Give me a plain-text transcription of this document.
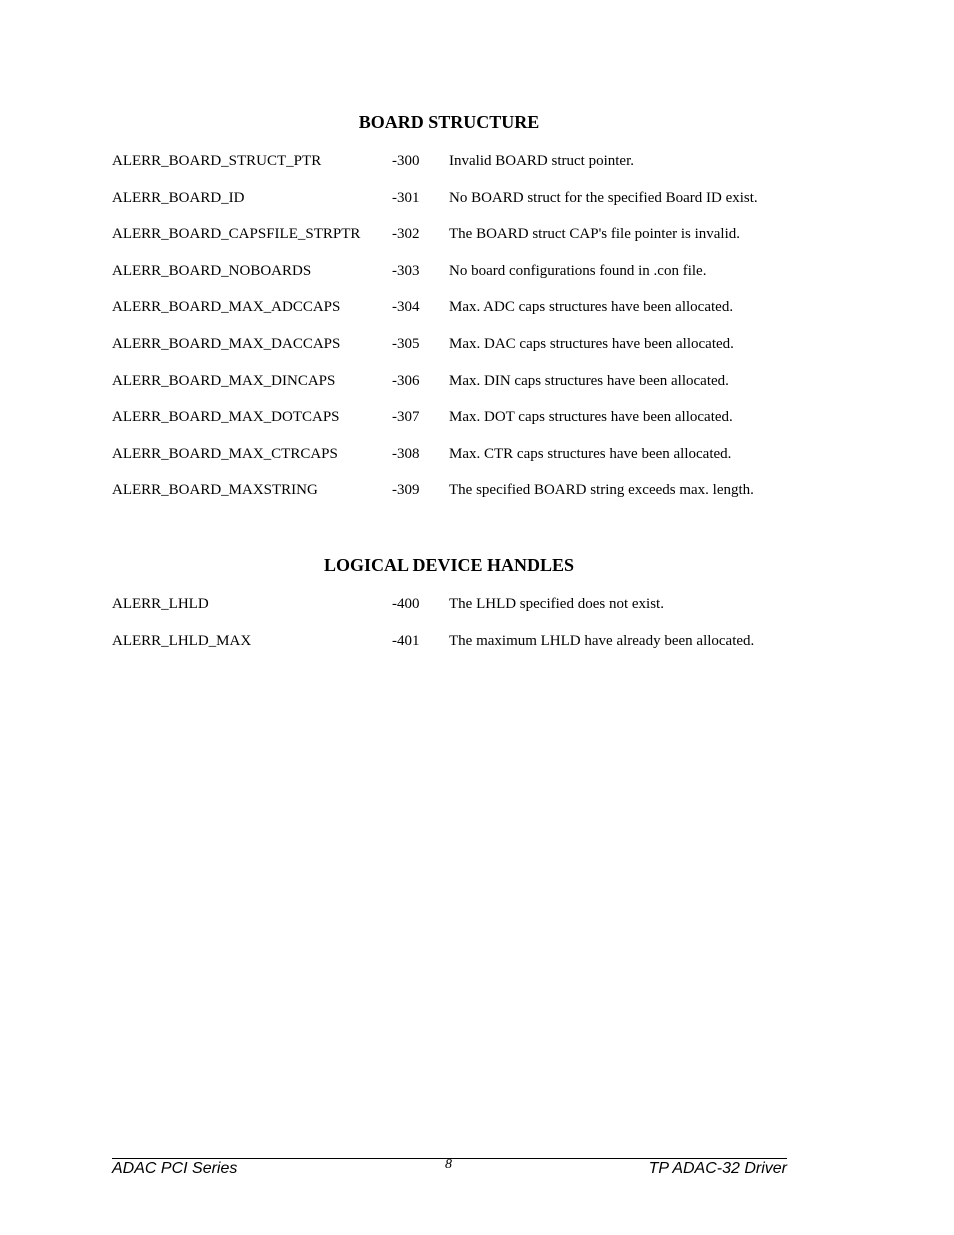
BOARD STRUCTURE
ALERR_BOARD_STRUCT_PTR	-300 Invalid BOARD struct pointer.
ALERR_BOARD_ID	-301 No BOARD struct for the specified Board ID exist.
ALERR_BOARD_CAPSFILE_STRPTR -302 The BOARD struct CAP's file pointer is invalid.
ALERR_BOARD_NOBOARDS	-303 No board configurations found in .con file.
ALERR_BOARD_MAX_ADCCAPS	-304 Max. ADC caps structures have been allocated.
ALERR_BOARD_MAX_DACCAPS	-305 Max. DAC caps structures have been allocated.
ALERR_BOARD_MAX_DINCAPS	-306 Max. DIN caps structures have been allocated.
ALERR_BOARD_MAX_DOTCAPS	-307 Max. DOT caps structures have been allocated.
ALERR_BOARD_MAX_CTRCAPS	-308 Max. CTR caps structures have been allocated.
ALERR_BOARD_MAXSTRING	-309 The specified BOARD string exceeds max. length.
LOGICAL DEVICE HANDLES
ALERR_LHLD	-400 The LHLD specified does not exist.
ALERR_LHLD_MAX	-401 The maximum LHLD have already been allocated.
ADAC PCI Series	8	TP ADAC-32 Driver
